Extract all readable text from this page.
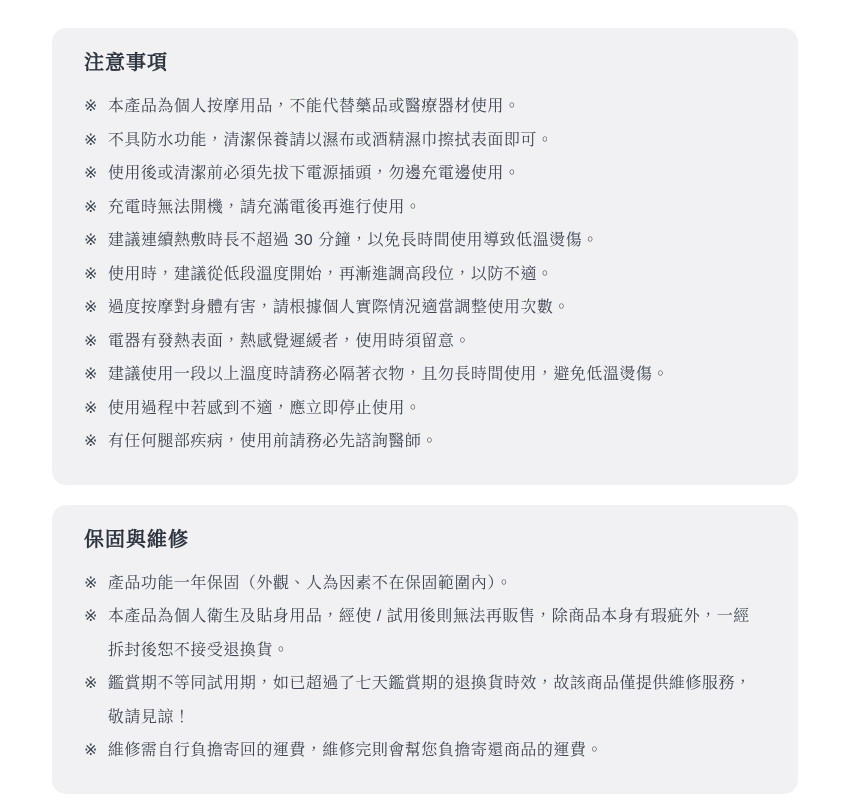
注意事項
※ 本產品為個人按摩用品，不能代替藥品或醫療器材使用。
※ 不具防水功能，清潔保養請以濕布或酒精濕巾擦拭表面即可。
※ 使用後或清潔前必須先拔下電源插頭，勿邊充電邊使用。
※ 充電時無法開機，請充滿電後再進行使用。
※ 建議連續熱敷時長不超過 30 分鐘，以免長時間使用導致低溫燙傷。
※ 使用時，建議從低段溫度開始，再漸進調高段位，以防不適。
※ 過度按摩對身體有害，請根據個人實際情況適當調整使用次數。
※ 電器有發熱表面，熱感覺遲緩者，使用時須留意。
※ 建議使用一段以上溫度時請務必隔著衣物，且勿長時間使用，避免低溫燙傷。
※ 使用過程中若感到不適，應立即停止使用。
※ 有任何腿部疾病，使用前請務必先諮詢醫師。
保固與維修
※ 產品功能一年保固（外觀、人為因素不在保固範圍內）。
※ 本產品為個人衛生及貼身用品，經使 / 試用後則無法再販售，除商品本身有瑕疵外，一經拆封後恕不接受退換貨。
※ 鑑賞期不等同試用期，如已超過了七天鑑賞期的退換貨時效，故該商品僅提供維修服務，敬請見諒！
※ 維修需自行負擔寄回的運費，維修完則會幫您負擔寄還商品的運費。
